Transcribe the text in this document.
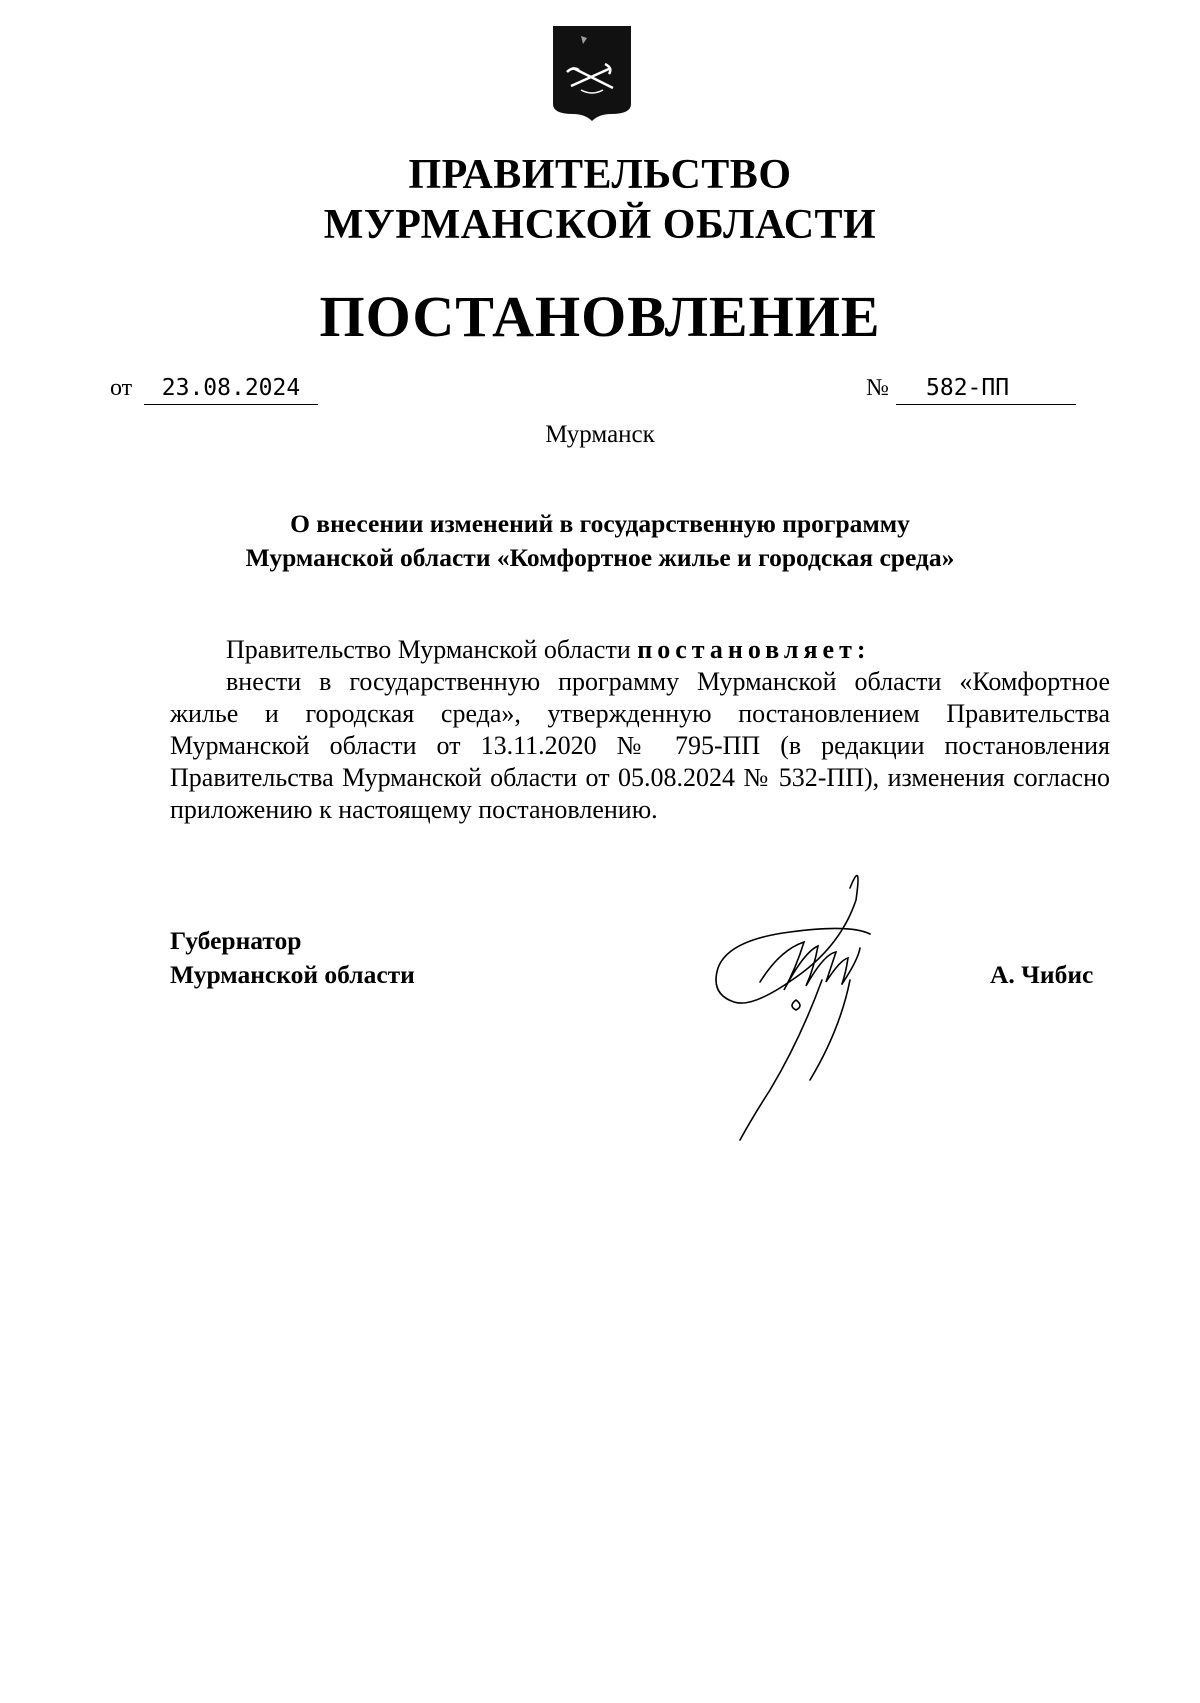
ПРАВИТЕЛЬСТВО
МУРМАНСКОЙ ОБЛАСТИ
ПОСТАНОВЛЕНИЕ
от	23.08.2024	№	582-ПП
Мурманск
О внесении изменений в государственную программу
Мурманской области «Комфортное жилье и городская среда»

Правительство Мурманской области постановляет:

внести в государственную программу Мурманской области «Комфортное жилье и городская среда», утвержденную постановлением Правительства Мурманской области от 13.11.2020 № 795-ПП (в редакции постановления Правительства Мурманской области от 05.08.2024 № 532-ПП), изменения согласно приложению к настоящему постановлению.

Губернатор
Мурманской области	А. Чибис
